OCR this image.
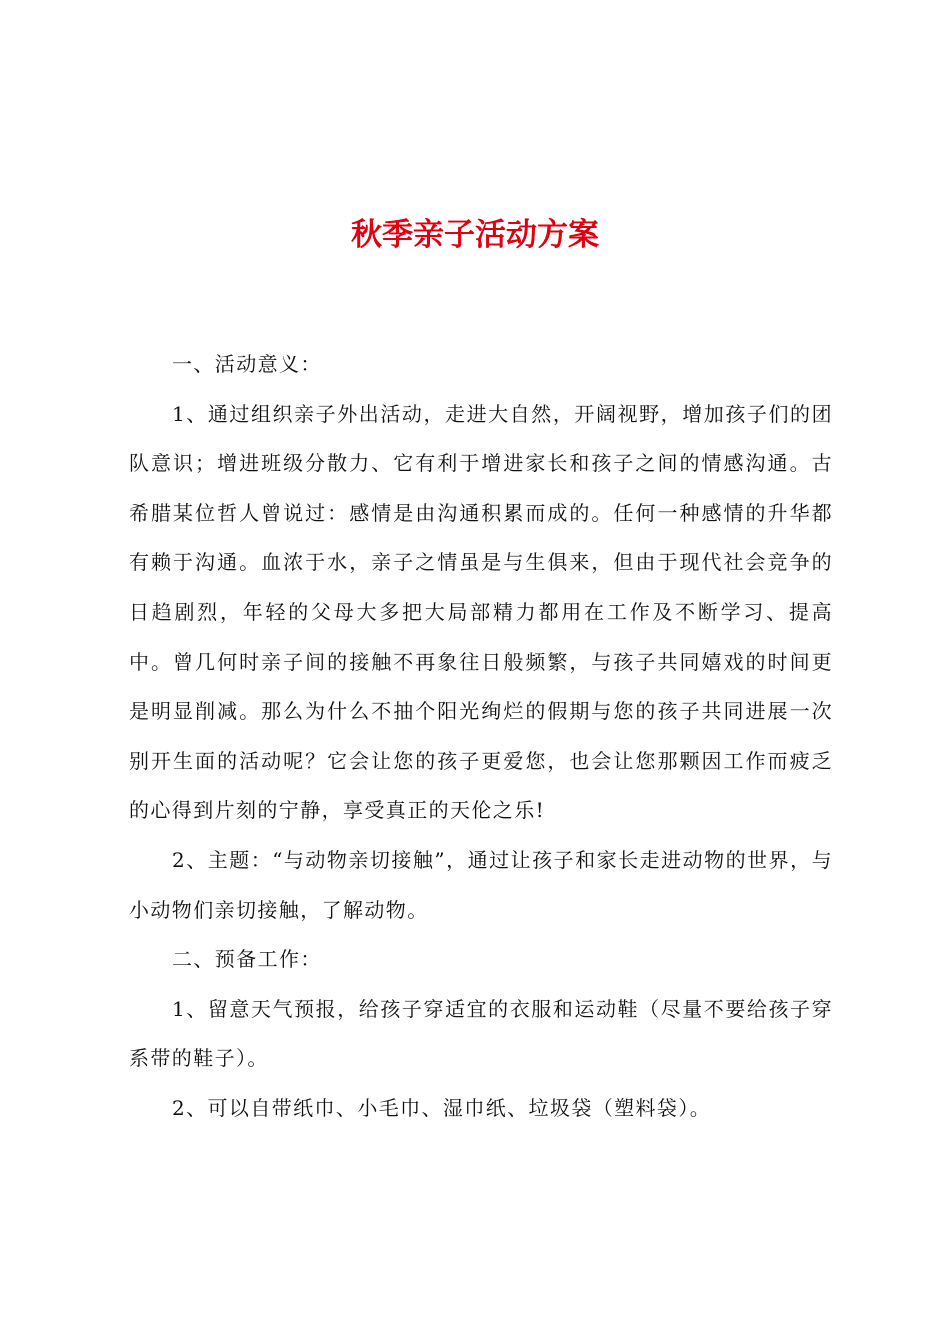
秋季亲子活动方案

一、活动意义：

1、通过组织亲子外出活动，走进大自然，开阔视野，增加孩子们的团队意识；增进班级分散力、它有利于增进家长和孩子之间的情感沟通。古希腊某位哲人曾说过：感情是由沟通积累而成的。任何一种感情的升华都有赖于沟通。血浓于水，亲子之情虽是与生俱来，但由于现代社会竞争的日趋剧烈，年轻的父母大多把大局部精力都用在工作及不断学习、提高中。曾几何时亲子间的接触不再象往日般频繁，与孩子共同嬉戏的时间更是明显削减。那么为什么不抽个阳光绚烂的假期与您的孩子共同进展一次别开生面的活动呢？它会让您的孩子更爱您，也会让您那颗因工作而疲乏的心得到片刻的宁静，享受真正的天伦之乐!

2、主题：“与动物亲切接触”，通过让孩子和家长走进动物的世界，与小动物们亲切接触，了解动物。

二、预备工作：

1、留意天气预报，给孩子穿适宜的衣服和运动鞋（尽量不要给孩子穿系带的鞋子）。

2、可以自带纸巾、小毛巾、湿巾纸、垃圾袋（塑料袋）。
